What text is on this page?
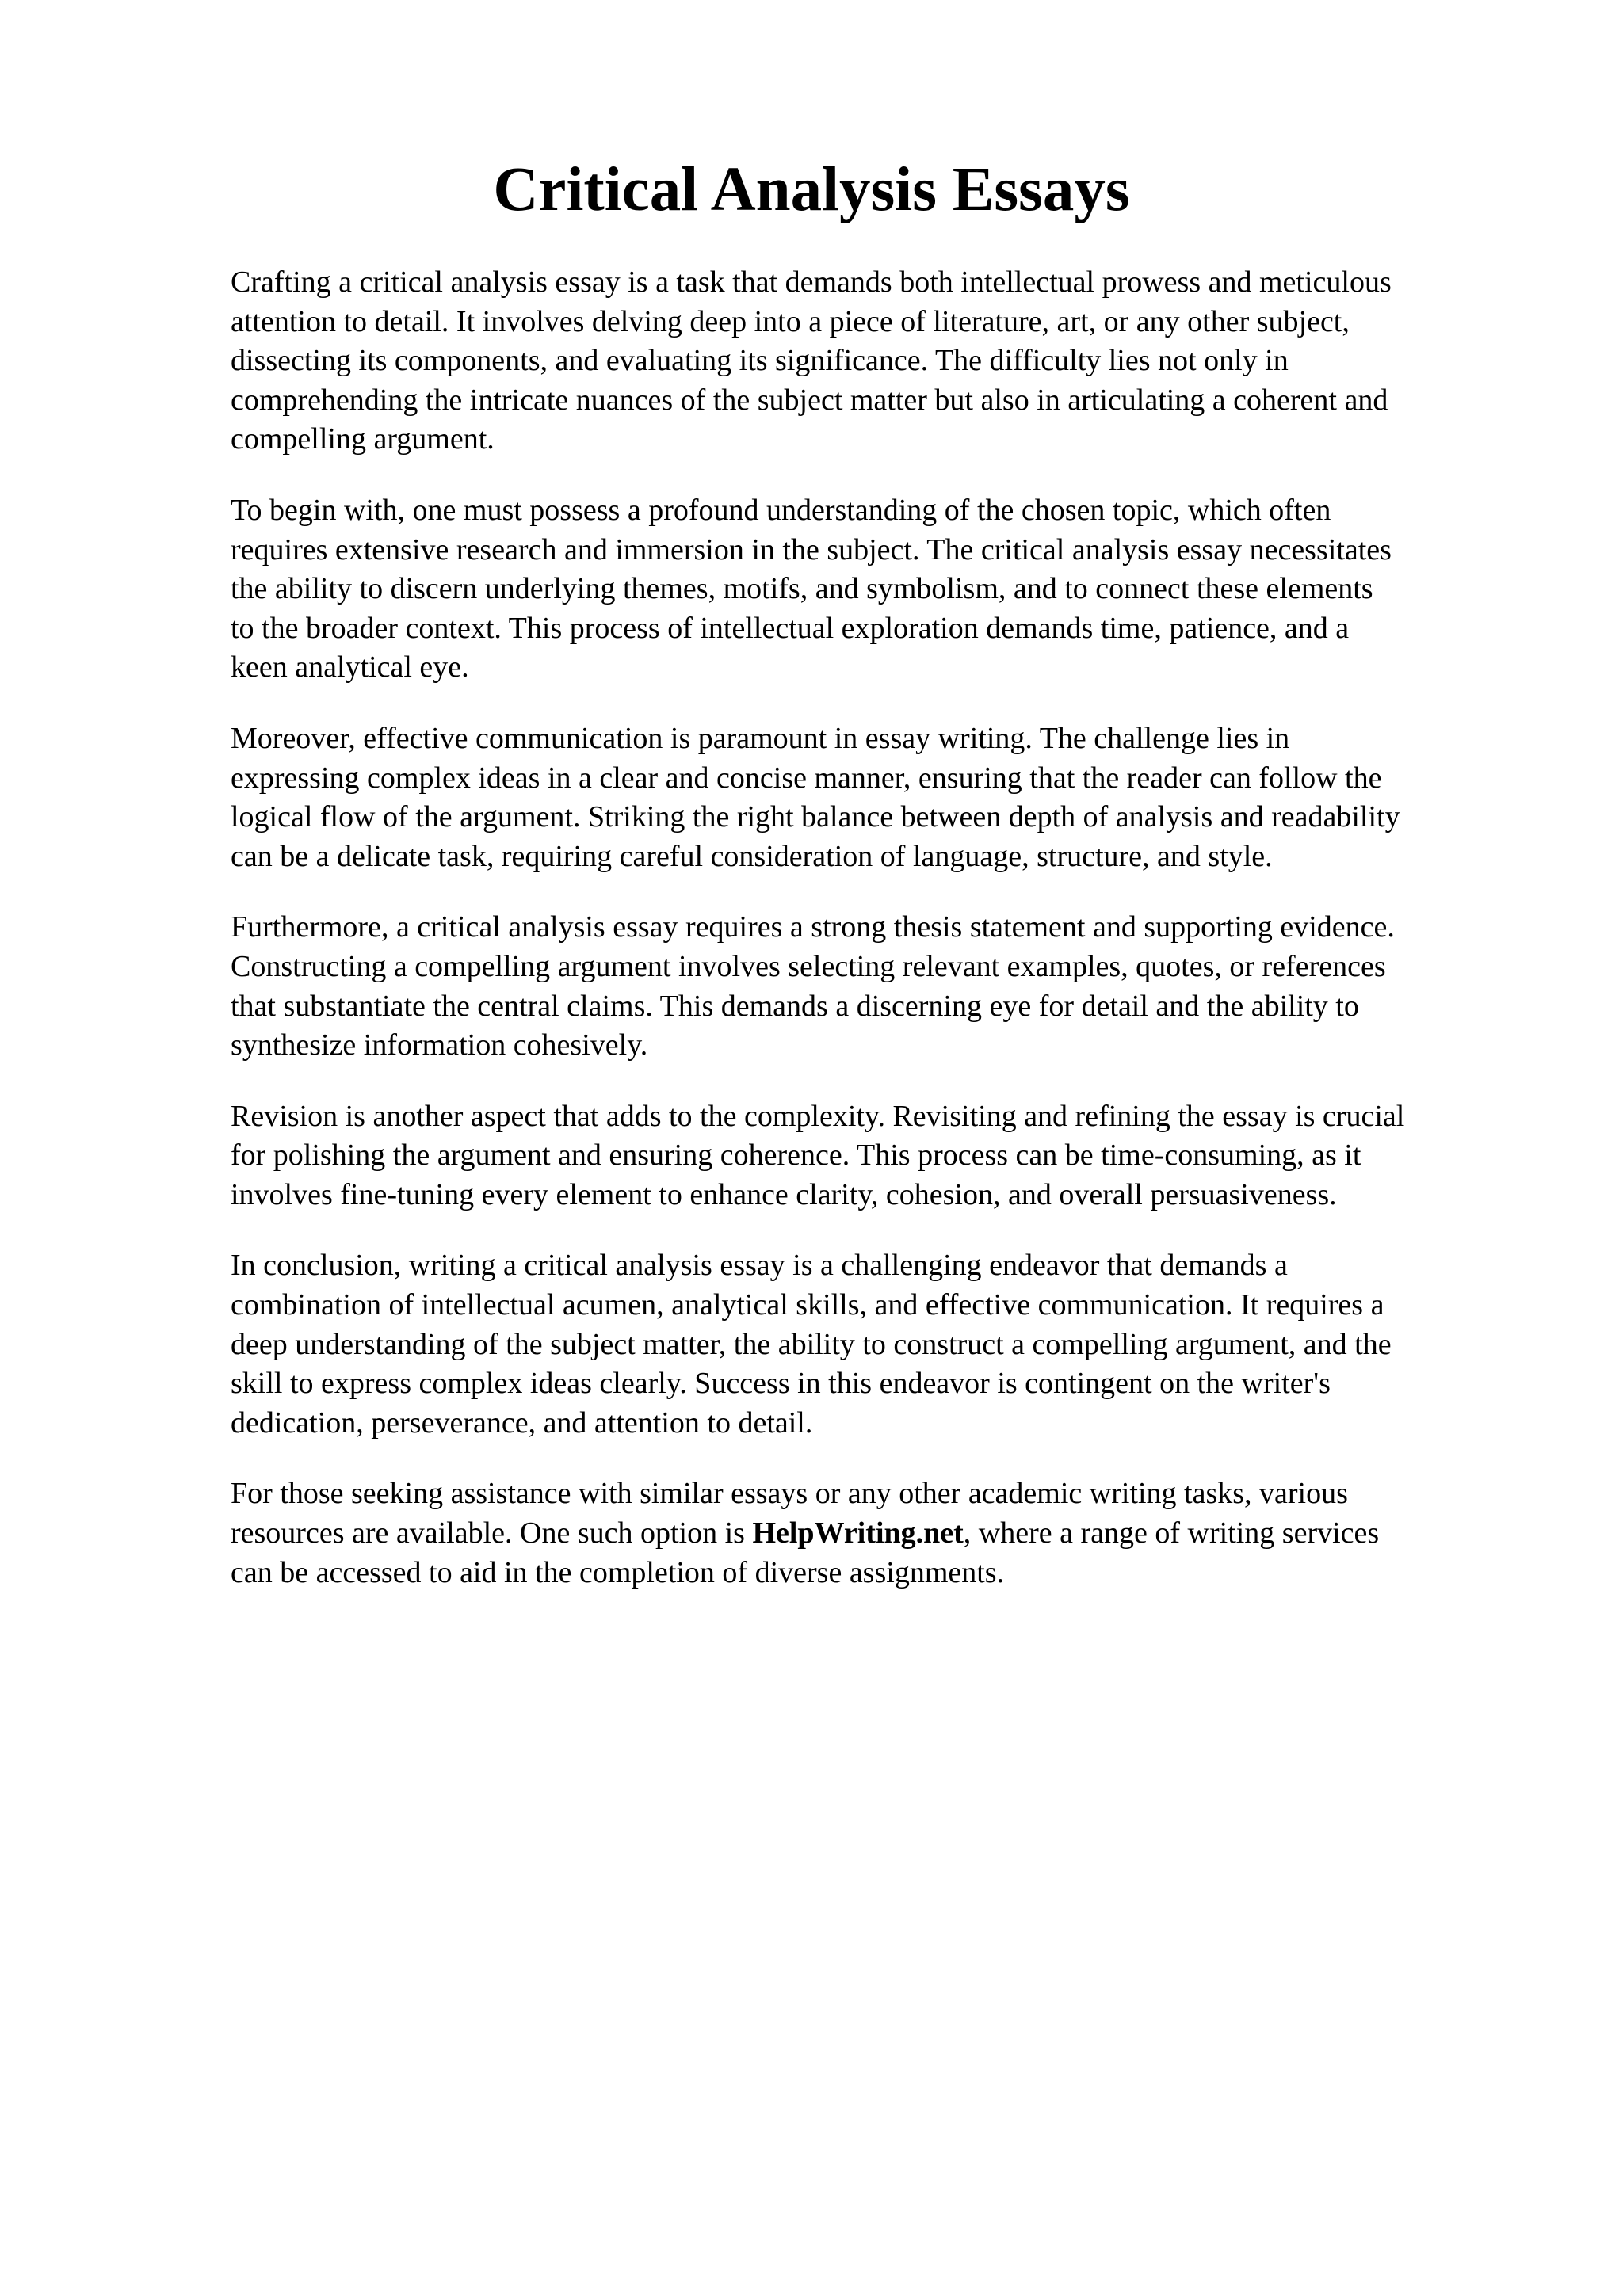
Critical Analysis Essays

Crafting a critical analysis essay is a task that demands both intellectual prowess and meticulous
attention to detail. It involves delving deep into a piece of literature, art, or any other subject,
dissecting its components, and evaluating its significance. The difficulty lies not only in
comprehending the intricate nuances of the subject matter but also in articulating a coherent and
compelling argument.

To begin with, one must possess a profound understanding of the chosen topic, which often
requires extensive research and immersion in the subject. The critical analysis essay necessitates
the ability to discern underlying themes, motifs, and symbolism, and to connect these elements
to the broader context. This process of intellectual exploration demands time, patience, and a
keen analytical eye.

Moreover, effective communication is paramount in essay writing. The challenge lies in
expressing complex ideas in a clear and concise manner, ensuring that the reader can follow the
logical flow of the argument. Striking the right balance between depth of analysis and readability
can be a delicate task, requiring careful consideration of language, structure, and style.

Furthermore, a critical analysis essay requires a strong thesis statement and supporting evidence.
Constructing a compelling argument involves selecting relevant examples, quotes, or references
that substantiate the central claims. This demands a discerning eye for detail and the ability to
synthesize information cohesively.

Revision is another aspect that adds to the complexity. Revisiting and refining the essay is crucial
for polishing the argument and ensuring coherence. This process can be time-consuming, as it
involves fine-tuning every element to enhance clarity, cohesion, and overall persuasiveness.

In conclusion, writing a critical analysis essay is a challenging endeavor that demands a
combination of intellectual acumen, analytical skills, and effective communication. It requires a
deep understanding of the subject matter, the ability to construct a compelling argument, and the
skill to express complex ideas clearly. Success in this endeavor is contingent on the writer's
dedication, perseverance, and attention to detail.

For those seeking assistance with similar essays or any other academic writing tasks, various
resources are available. One such option is HelpWriting.net, where a range of writing services
can be accessed to aid in the completion of diverse assignments.
